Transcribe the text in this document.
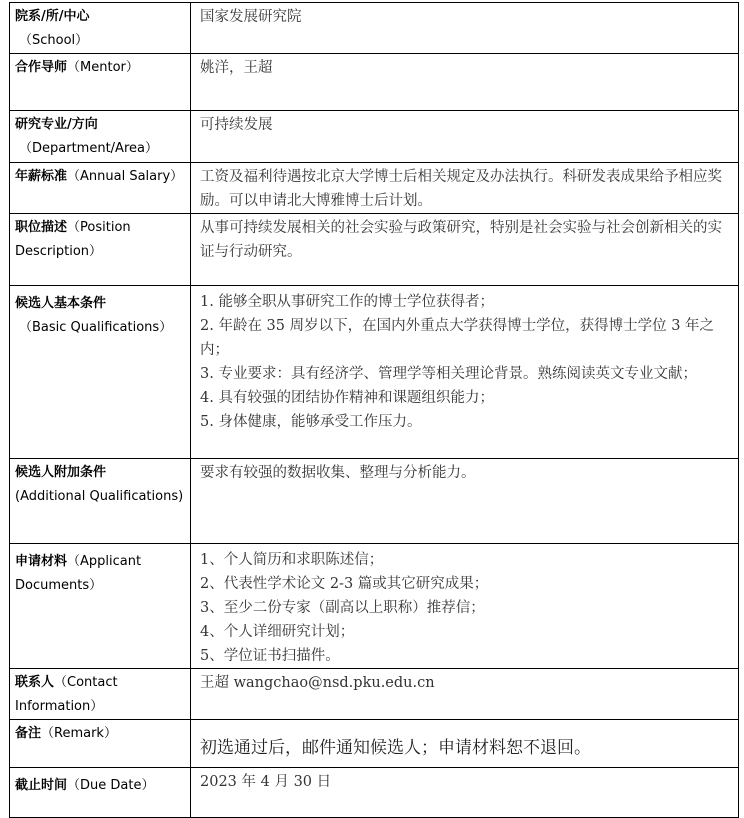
院系/所/中心
（School）	国家发展研究院

合作导师（Mentor）	姚洋，王超

研究专业/方向
（Department/Area）	可持续发展

年薪标准（Annual Salary）	工资及福利待遇按北京大学博士后相关规定及办法执行。科研发表成果给予相应奖励。可以申请北大博雅博士后计划。

职位描述（Position Description）	从事可持续发展相关的社会实验与政策研究，特别是社会实验与社会创新相关的实证与行动研究。

候选人基本条件
（Basic Qualifications）	1. 能够全职从事研究工作的博士学位获得者；
2. 年龄在 35 周岁以下，在国内外重点大学获得博士学位，获得博士学位 3 年之内；
3. 专业要求：具有经济学、管理学等相关理论背景。熟练阅读英文专业文献；
4. 具有较强的团结协作精神和课题组织能力；
5. 身体健康，能够承受工作压力。

候选人附加条件
(Additional Qualifications)	要求有较强的数据收集、整理与分析能力。

申请材料（Applicant Documents）	1、个人简历和求职陈述信；
2、代表性学术论文 2-3 篇或其它研究成果；
3、至少二份专家（副高以上职称）推荐信；
4、个人详细研究计划；
5、学位证书扫描件。

联系人（Contact Information）	王超 wangchao@nsd.pku.edu.cn

备注（Remark）	初选通过后，邮件通知候选人；申请材料恕不退回。

截止时间（Due Date）	2023 年 4 月 30 日
